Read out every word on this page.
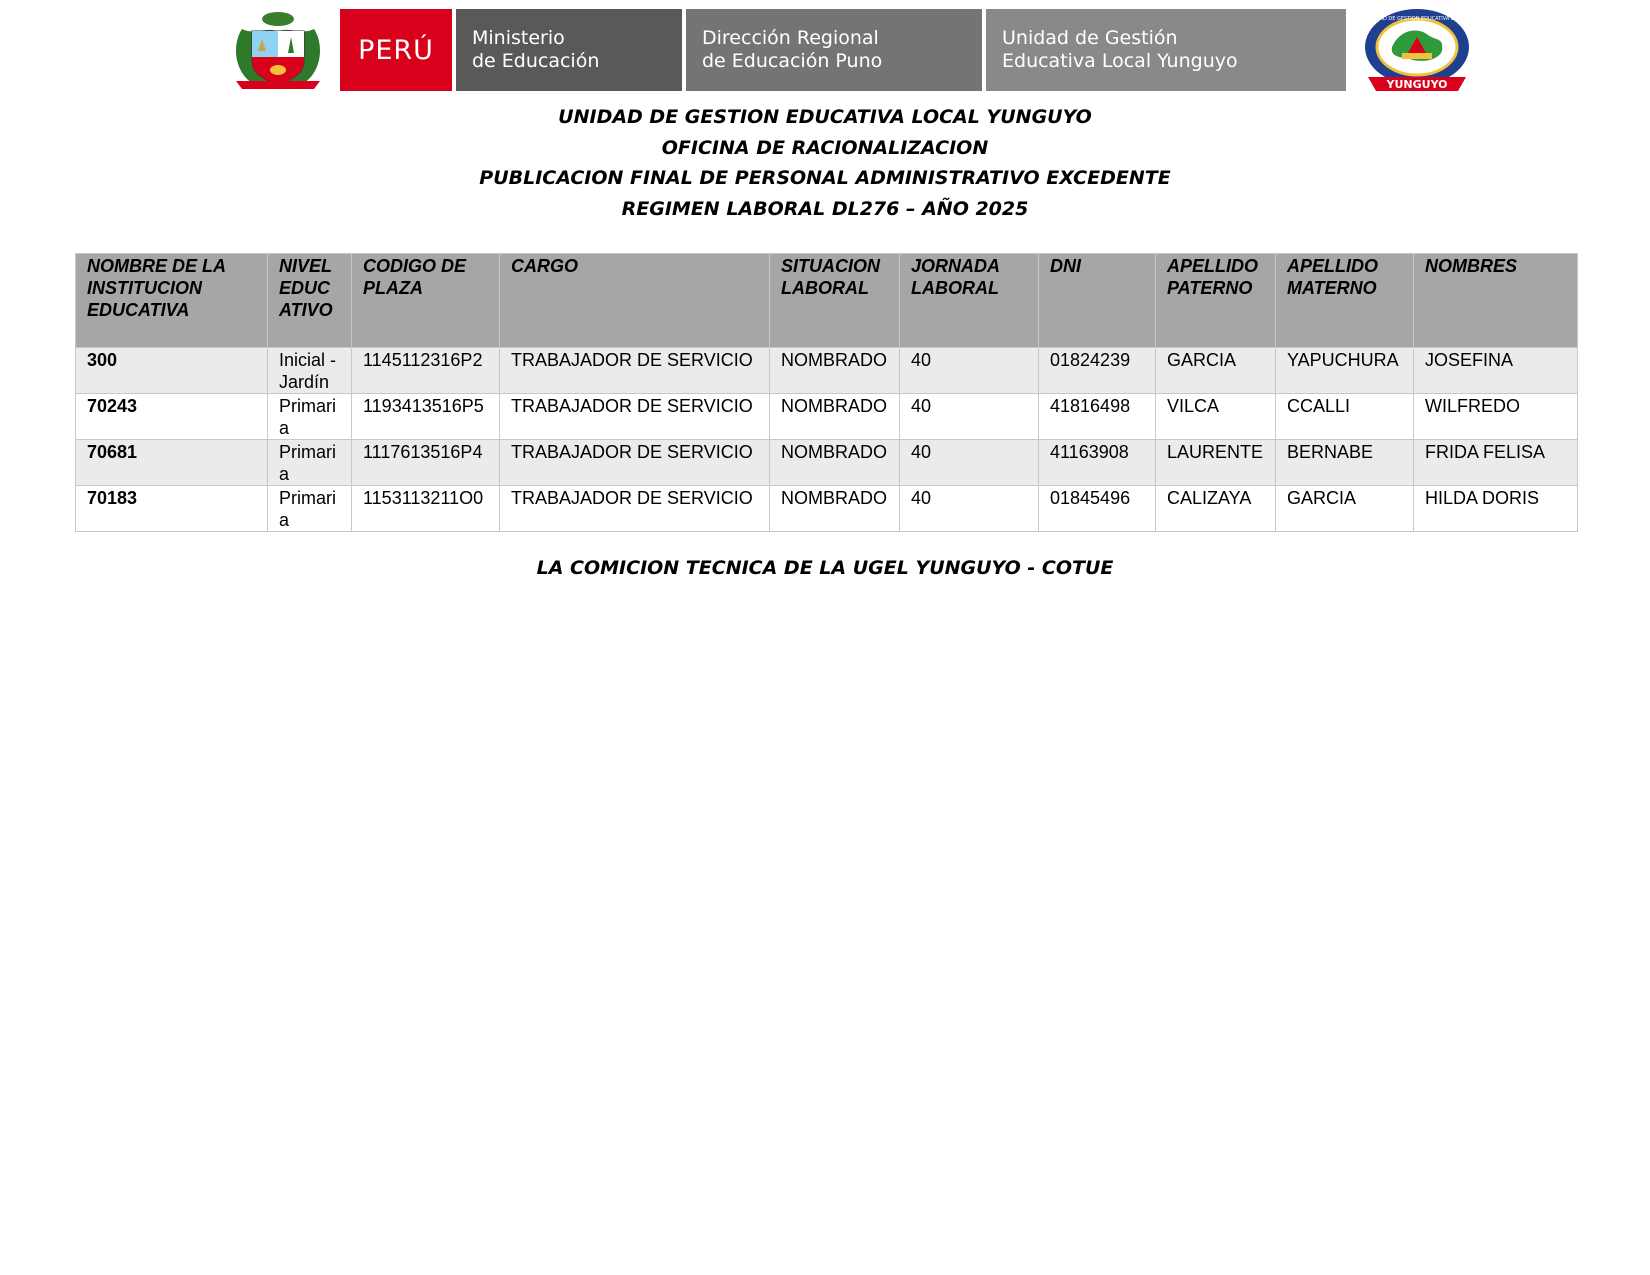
PERÚ Ministerio
de Educación
Dirección Regional
de Educación Puno
Unidad de Gestión
Educativa Local Yunguyo
YUNGUYO
UNIDAD DE GESTION EDUCATIVA LOCAL
UNIDAD DE GESTION EDUCATIVA LOCAL YUNGUYO
OFICINA DE RACIONALIZACION
PUBLICACION FINAL DE PERSONAL ADMINISTRATIVO EXCEDENTE
REGIMEN LABORAL DL276 – AÑO 2025
NOMBRE DE LA INSTITUCION EDUCATIVA	NIVEL EDUC ATIVO	CODIGO DE PLAZA	CARGO	SITUACION LABORAL	JORNADA LABORAL	DNI	APELLIDO PATERNO	APELLIDO MATERNO	NOMBRES
300	Inicial - Jardín	1145112316P2	TRABAJADOR DE SERVICIO	NOMBRADO	40	01824239	GARCIA	YAPUCHURA	JOSEFINA
70243	Primaria	1193413516P5	TRABAJADOR DE SERVICIO	NOMBRADO	40	41816498	VILCA	CCALLI	WILFREDO
70681	Primaria	1117613516P4	TRABAJADOR DE SERVICIO	NOMBRADO	40	41163908	LAURENTE	BERNABE	FRIDA FELISA
70183	Primaria	1153113211O0	TRABAJADOR DE SERVICIO	NOMBRADO	40	01845496	CALIZAYA	GARCIA	HILDA DORIS
LA COMICION TECNICA DE LA UGEL YUNGUYO - COTUE
